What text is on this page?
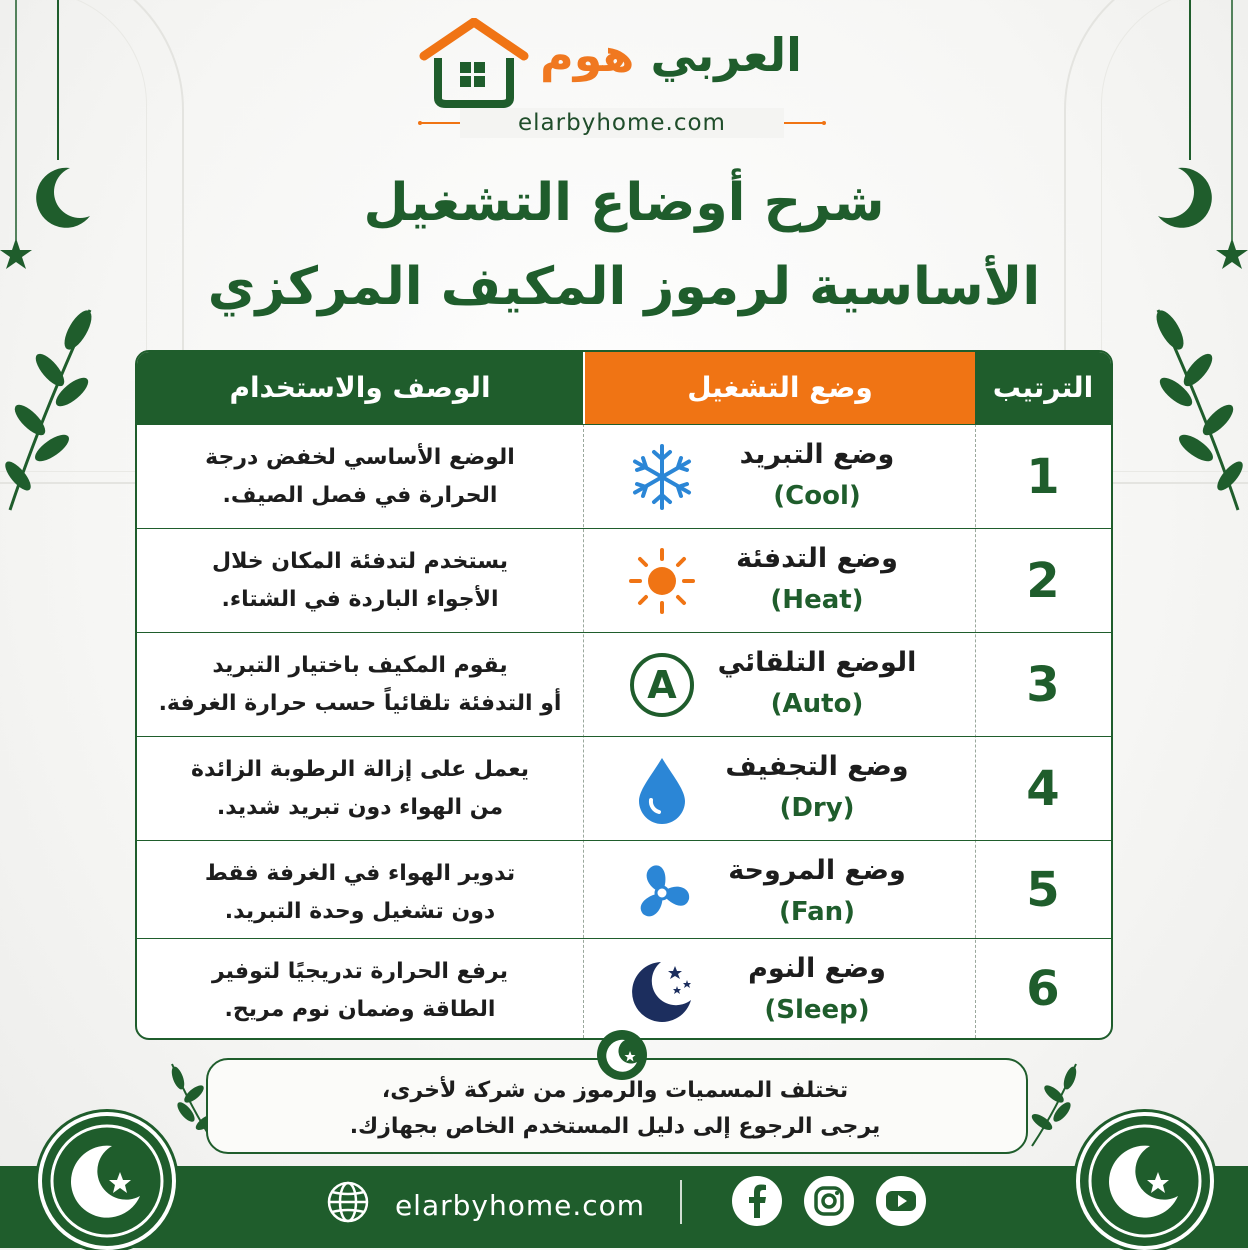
العربي هوم
elarbyhome.com
شرح أوضاع التشغيل
الأساسية لرموز المكيف المركزي
الوصف والاستخدام	وضع التشغيل	الترتيب
1
وضع التبريد
(Cool)
الوضع الأساسي لخفض درجة
الحرارة في فصل الصيف.
2
وضع التدفئة
(Heat)
يستخدم لتدفئة المكان خلال
الأجواء الباردة في الشتاء.
3
الوضع التلقائي
(Auto)
A
يقوم المكيف باختيار التبريد
أو التدفئة تلقائياً حسب حرارة الغرفة.
4
وضع التجفيف
(Dry)
يعمل على إزالة الرطوبة الزائدة
من الهواء دون تبريد شديد.
5
وضع المروحة
(Fan)
تدوير الهواء في الغرفة فقط
دون تشغيل وحدة التبريد.
6
وضع النوم
(Sleep)
يرفع الحرارة تدريجيًا لتوفير
الطاقة وضمان نوم مريح.
تختلف المسميات والرموز من شركة لأخرى،
يرجى الرجوع إلى دليل المستخدم الخاص بجهازك.
elarbyhome.com
